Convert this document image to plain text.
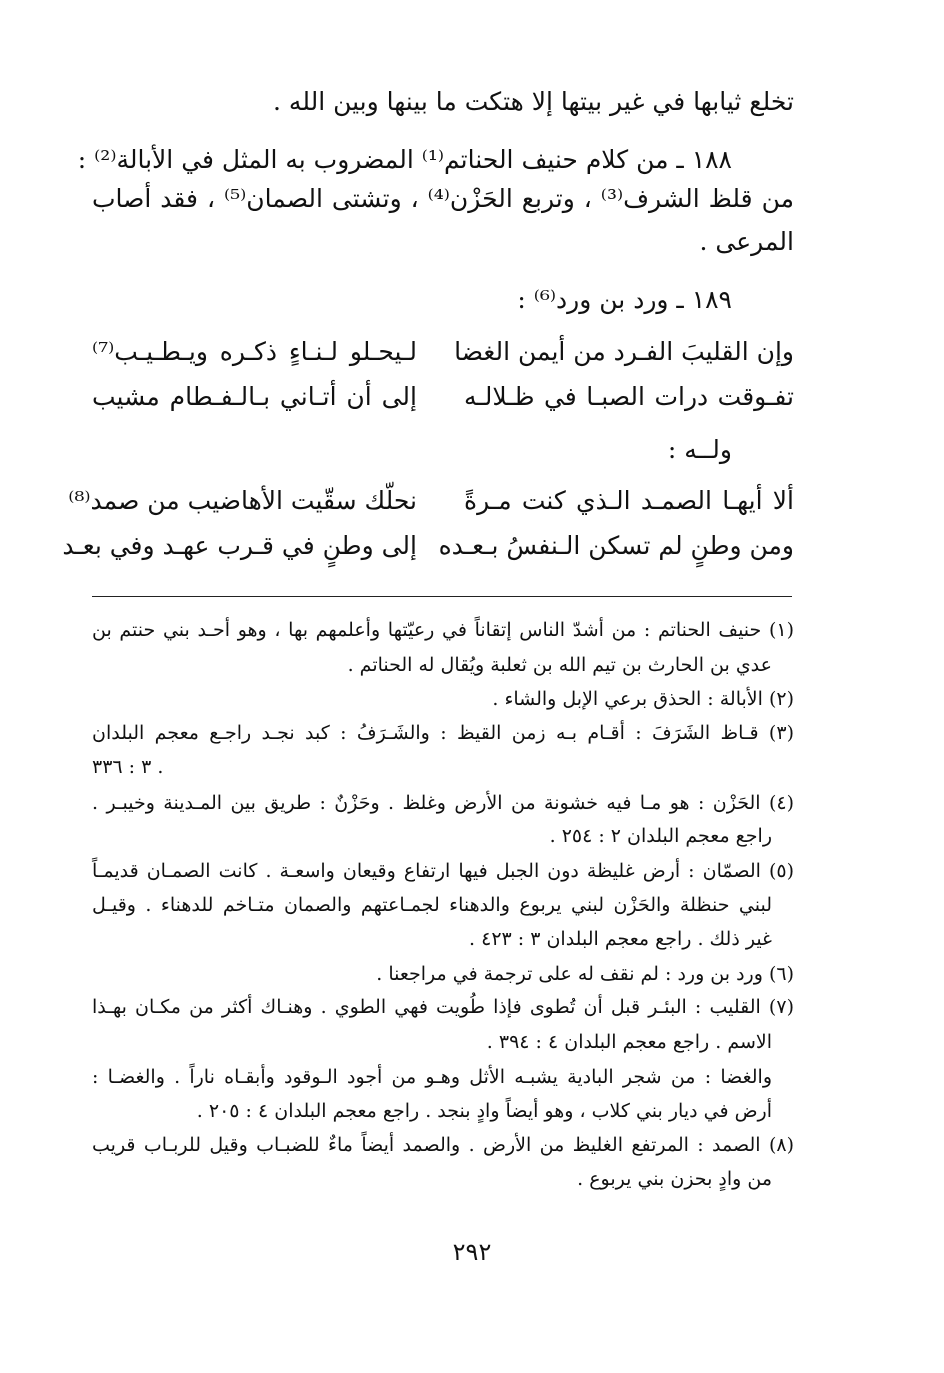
تخلع ثيابها في غير بيتها إلا هتكت ما بينها وبين الله .
١٨٨ ـ من كلام حنيف الحناتم⁽¹⁾ المضروب به المثل في الأبالة⁽²⁾ :
من قلظ الشرف⁽³⁾ ، وتربع الحَزْن⁽⁴⁾ ، وتشتى الصمان⁽⁵⁾ ، فقد أصاب
المرعى .
١٨٩ ـ ورد بن ورد⁽⁶⁾ :
وإن القليبَ الفـرد من أيمن الغضا
لـيحـلو لـنـاءٍ ذكـره ويـطـيـب⁽⁷⁾
تفـوقت درات الصبـا في ظـلالـه
إلى أن أتـاني بـالـفـطام مشيب
ولــه :
ألا أيهـا الصمـد الـذي كنت مـرةً
نحلّك سقّيت الأهاضيب من صمد⁽⁸⁾
ومن وطنٍ لم تسكن الـنفسُ بـعـده
إلى وطنٍ في قـرب عهـد وفي بعـد
(١) حنيف الحناتم : من أشدّ الناس إتقاناً في رعيّتها وأعلمهم بها ، وهو أحـد بني حنتم بن
عدي بن الحارث بن تيم الله بن ثعلبة ويُقال له الحناتم .
(٢) الأبالة : الحذق برعي الإبل والشاء .
(٣) قـاظ الشَرَفَ : أقـام بـه زمن القيظ : والشَـرَفُ : كبد نجـد راجـع معجم البلدان
٣ : ٣٣٦ .
(٤) الحَزْن : هو مـا فيه خشونة من الأرض وغلظ . وحَزْنٌ : طريق بين المـدينة وخيبـر .
راجع معجم البلدان ٢ : ٢٥٤ .
(٥) الصمّان : أرض غليظة دون الجبل فيها ارتفاع وقيعان واسعـة . كانت الصمـان قديمـاً
لبني حنظلة والحَزْن لبني يربوع والدهناء لجمـاعتهم والصمان متـاخم للدهناء . وقيـل
غير ذلك . راجع معجم البلدان ٣ : ٤٢٣ .
(٦) ورد بن ورد : لم نقف له على ترجمة في مراجعنا .
(٧) القليب : البئـر قبل أن تُطوى فإذا طُويت فهي الطوي . وهنـاك أكثر من مكـان بهـذا
الاسم . راجع معجم البلدان ٤ : ٣٩٤ .
والغضا : من شجر البادية يشبـه الأثل وهـو من أجود الـوقود وأبقـاه ناراً . والغضـا :
أرض في ديار بني كلاب ، وهو أيضاً وادٍ بنجد . راجع معجم البلدان ٤ : ٢٠٥ .
(٨) الصمد : المرتفع الغليظ من الأرض . والصمد أيضاً ماءٌ للضبـاب وقيل للربـاب قريب
من وادٍ بحزن بني يربوع .
٢٩٢
